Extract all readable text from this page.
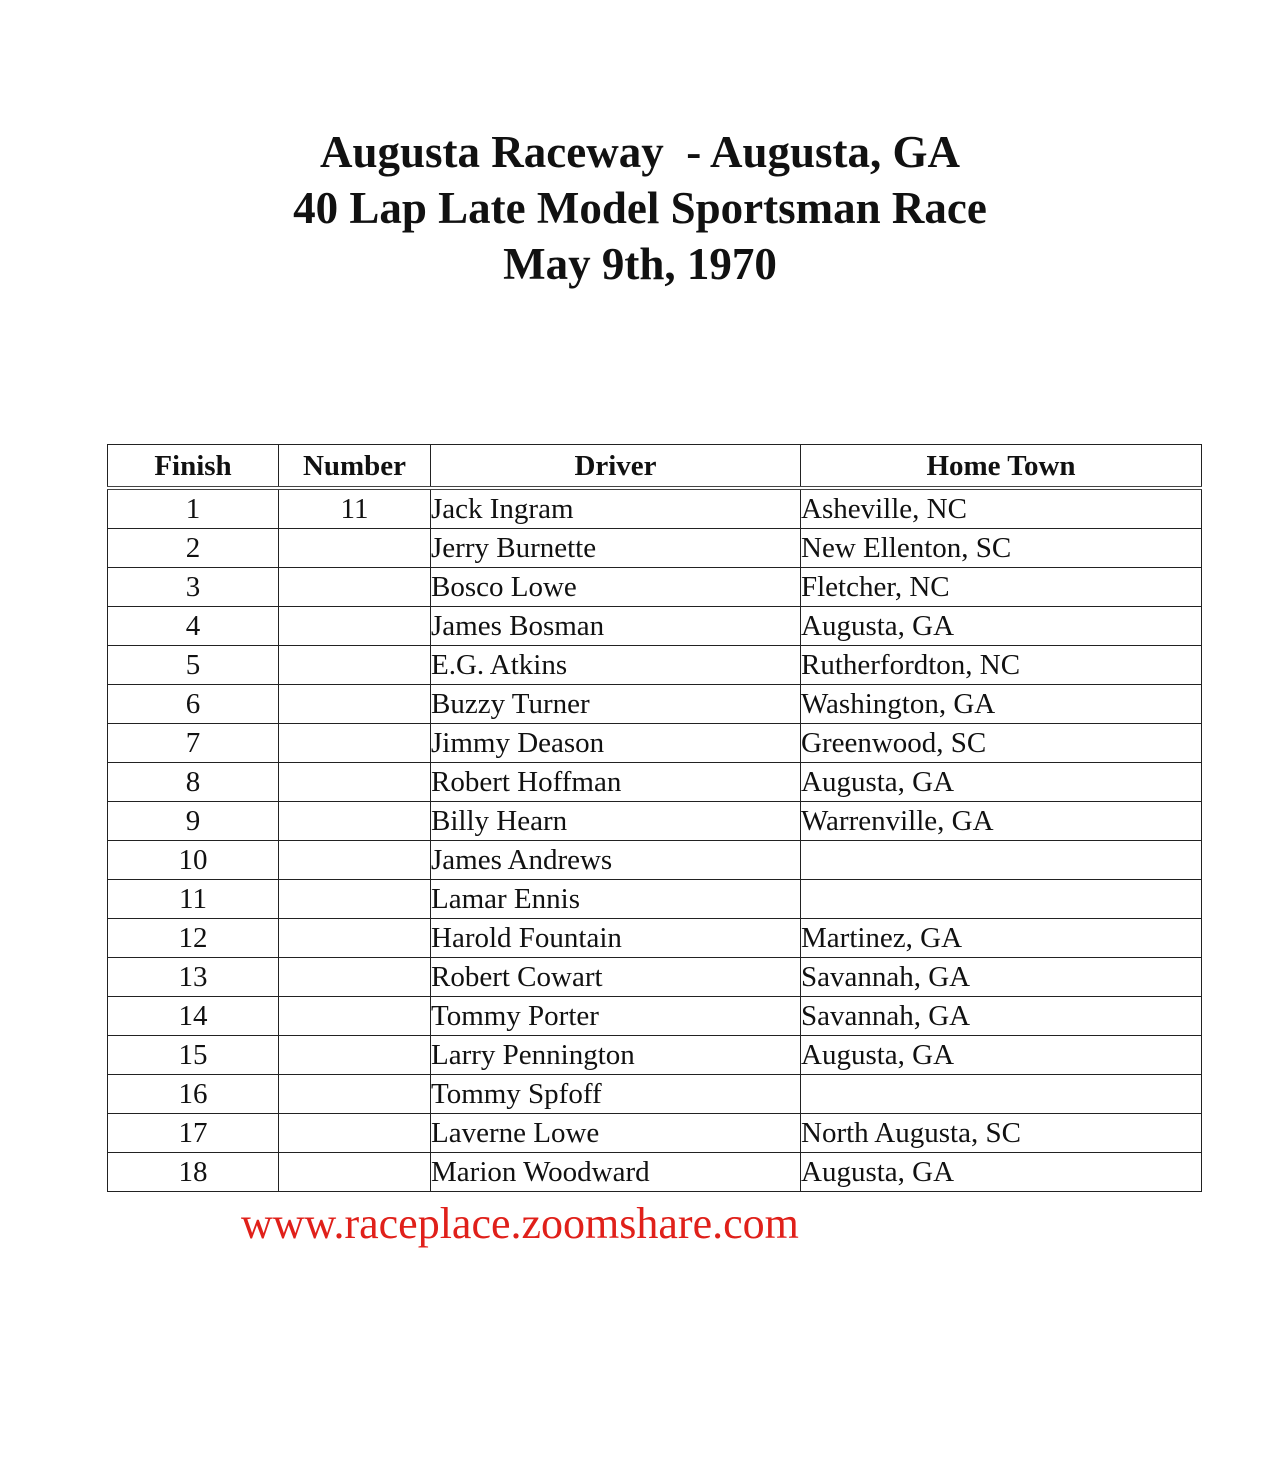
Augusta Raceway  - Augusta, GA

40 Lap Late Model Sportsman Race

May 9th, 1970

Finish	Number	Driver	Home Town
1	11	Jack Ingram	Asheville, NC
2		Jerry Burnette	New Ellenton, SC
3		Bosco Lowe	Fletcher, NC
4		James Bosman	Augusta, GA
5		E.G. Atkins	Rutherfordton, NC
6		Buzzy Turner	Washington, GA
7		Jimmy Deason	Greenwood, SC
8		Robert Hoffman	Augusta, GA
9		Billy Hearn	Warrenville, GA
10		James Andrews	
11		Lamar Ennis	
12		Harold Fountain	Martinez, GA
13		Robert Cowart	Savannah, GA
14		Tommy Porter	Savannah, GA
15		Larry Pennington	Augusta, GA
16		Tommy Spfoff	
17		Laverne Lowe	North Augusta, SC
18		Marion Woodward	Augusta, GA
www.raceplace.zoomshare.com
